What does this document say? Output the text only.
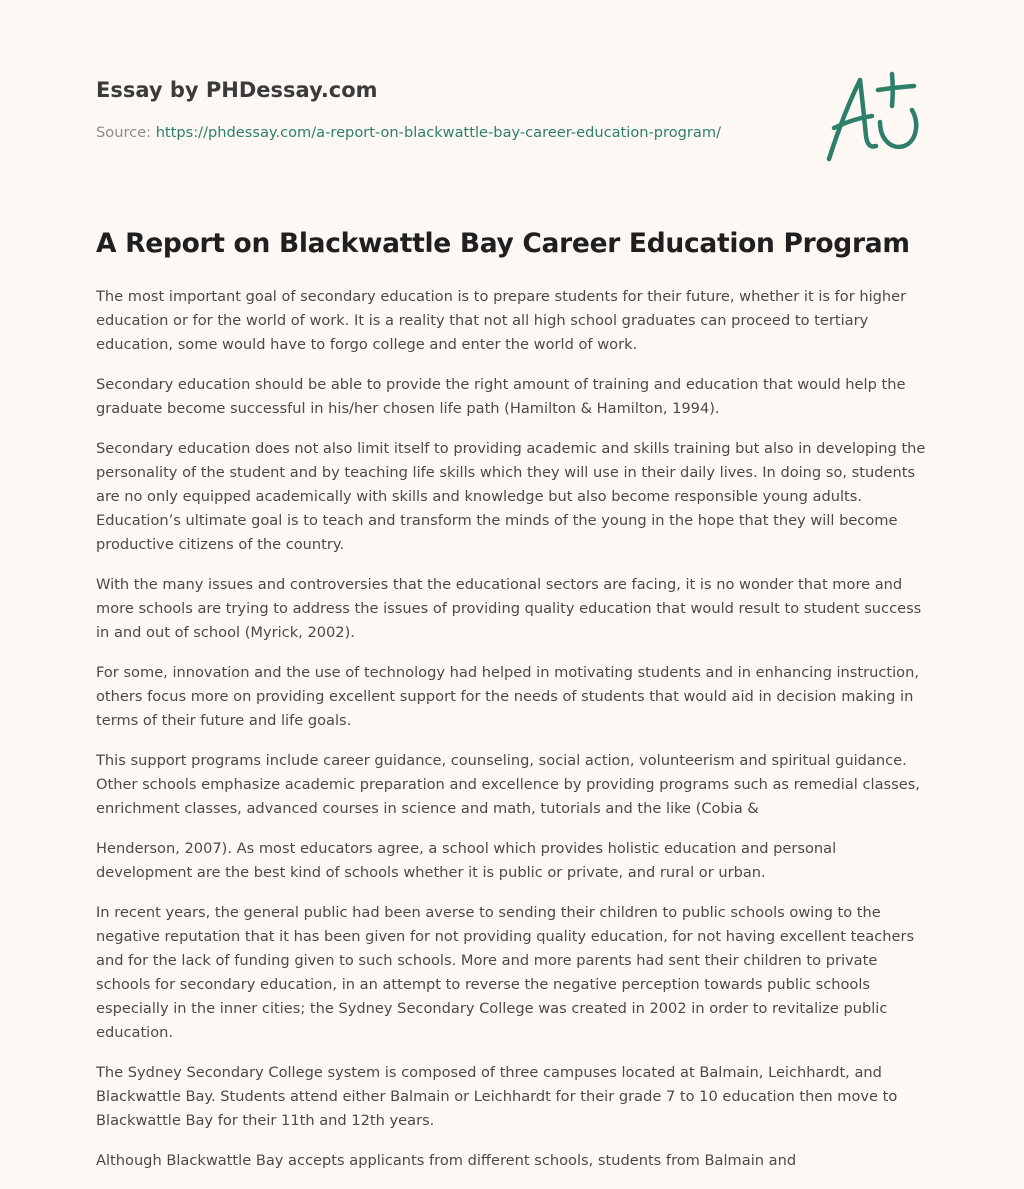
Essay by PHDessay.com
Source: https://phdessay.com/a-report-on-blackwattle-bay-career-education-program/
A Report on Blackwattle Bay Career Education Program

The most important goal of secondary education is to prepare students for their future, whether it is for higher education or for the world of work. It is a reality that not all high school graduates can proceed to tertiary education, some would have to forgo college and enter the world of work.

Secondary education should be able to provide the right amount of training and education that would help the graduate become successful in his/her chosen life path (Hamilton & Hamilton, 1994).

Secondary education does not also limit itself to providing academic and skills training but also in developing the personality of the student and by teaching life skills which they will use in their daily lives. In doing so, students are no only equipped academically with skills and knowledge but also become responsible young adults. Education’s ultimate goal is to teach and transform the minds of the young in the hope that they will become productive citizens of the country.

With the many issues and controversies that the educational sectors are facing, it is no wonder that more and more schools are trying to address the issues of providing quality education that would result to student success in and out of school (Myrick, 2002).

For some, innovation and the use of technology had helped in motivating students and in enhancing instruction, others focus more on providing excellent support for the needs of students that would aid in decision making in terms of their future and life goals.

This support programs include career guidance, counseling, social action, volunteerism and spiritual guidance. Other schools emphasize academic preparation and excellence by providing programs such as remedial classes, enrichment classes, advanced courses in science and math, tutorials and the like (Cobia &

Henderson, 2007). As most educators agree, a school which provides holistic education and personal development are the best kind of schools whether it is public or private, and rural or urban.

In recent years, the general public had been averse to sending their children to public schools owing to the negative reputation that it has been given for not providing quality education, for not having excellent teachers and for the lack of funding given to such schools. More and more parents had sent their children to private schools for secondary education, in an attempt to reverse the negative perception towards public schools especially in the inner cities; the Sydney Secondary College was created in 2002 in order to revitalize public education.

The Sydney Secondary College system is composed of three campuses located at Balmain, Leichhardt, and Blackwattle Bay. Students attend either Balmain or Leichhardt for their grade 7 to 10 education then move to Blackwattle Bay for their 11th and 12th years.

Although Blackwattle Bay accepts applicants from different schools, students from Balmain and
